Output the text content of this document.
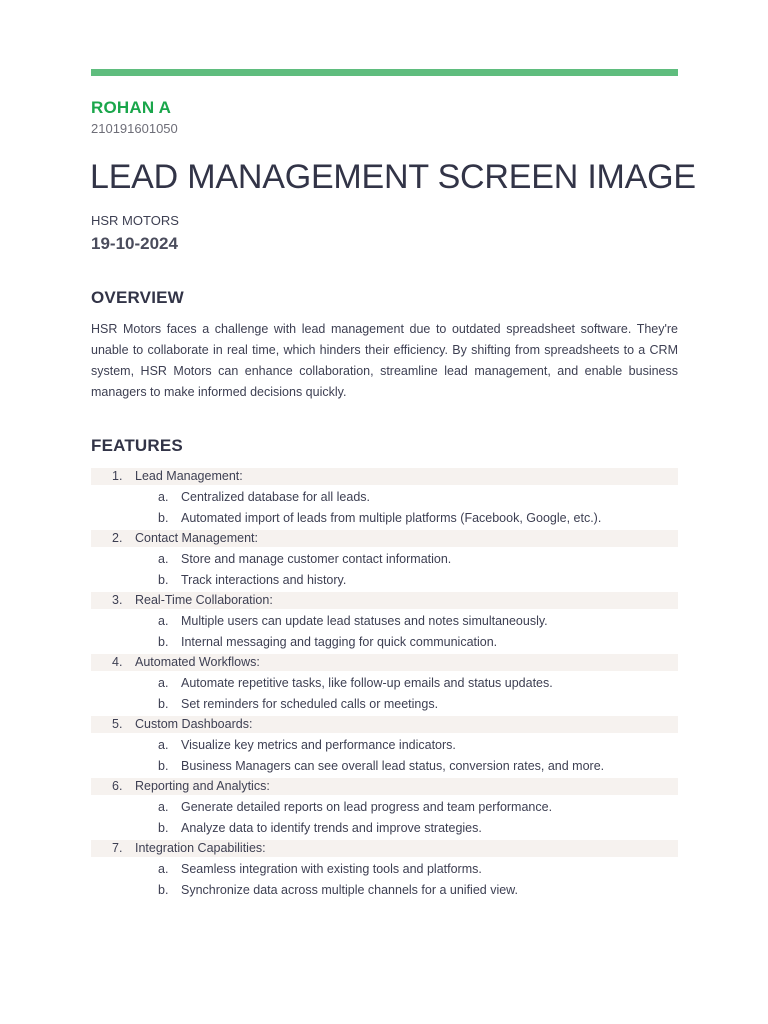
ROHAN A
210191601050
LEAD MANAGEMENT SCREEN IMAGE
HSR MOTORS
19-10-2024
OVERVIEW
HSR Motors faces a challenge with lead management due to outdated spreadsheet software. They're unable to collaborate in real time, which hinders their efficiency. By shifting from spreadsheets to a CRM system, HSR Motors can enhance collaboration, streamline lead management, and enable business managers to make informed decisions quickly.
FEATURES
1. Lead Management:
a. Centralized database for all leads.
b. Automated import of leads from multiple platforms (Facebook, Google, etc.).
2. Contact Management:
a. Store and manage customer contact information.
b. Track interactions and history.
3. Real-Time Collaboration:
a. Multiple users can update lead statuses and notes simultaneously.
b. Internal messaging and tagging for quick communication.
4. Automated Workflows:
a. Automate repetitive tasks, like follow-up emails and status updates.
b. Set reminders for scheduled calls or meetings.
5. Custom Dashboards:
a. Visualize key metrics and performance indicators.
b. Business Managers can see overall lead status, conversion rates, and more.
6. Reporting and Analytics:
a. Generate detailed reports on lead progress and team performance.
b. Analyze data to identify trends and improve strategies.
7. Integration Capabilities:
a. Seamless integration with existing tools and platforms.
b. Synchronize data across multiple channels for a unified view.
